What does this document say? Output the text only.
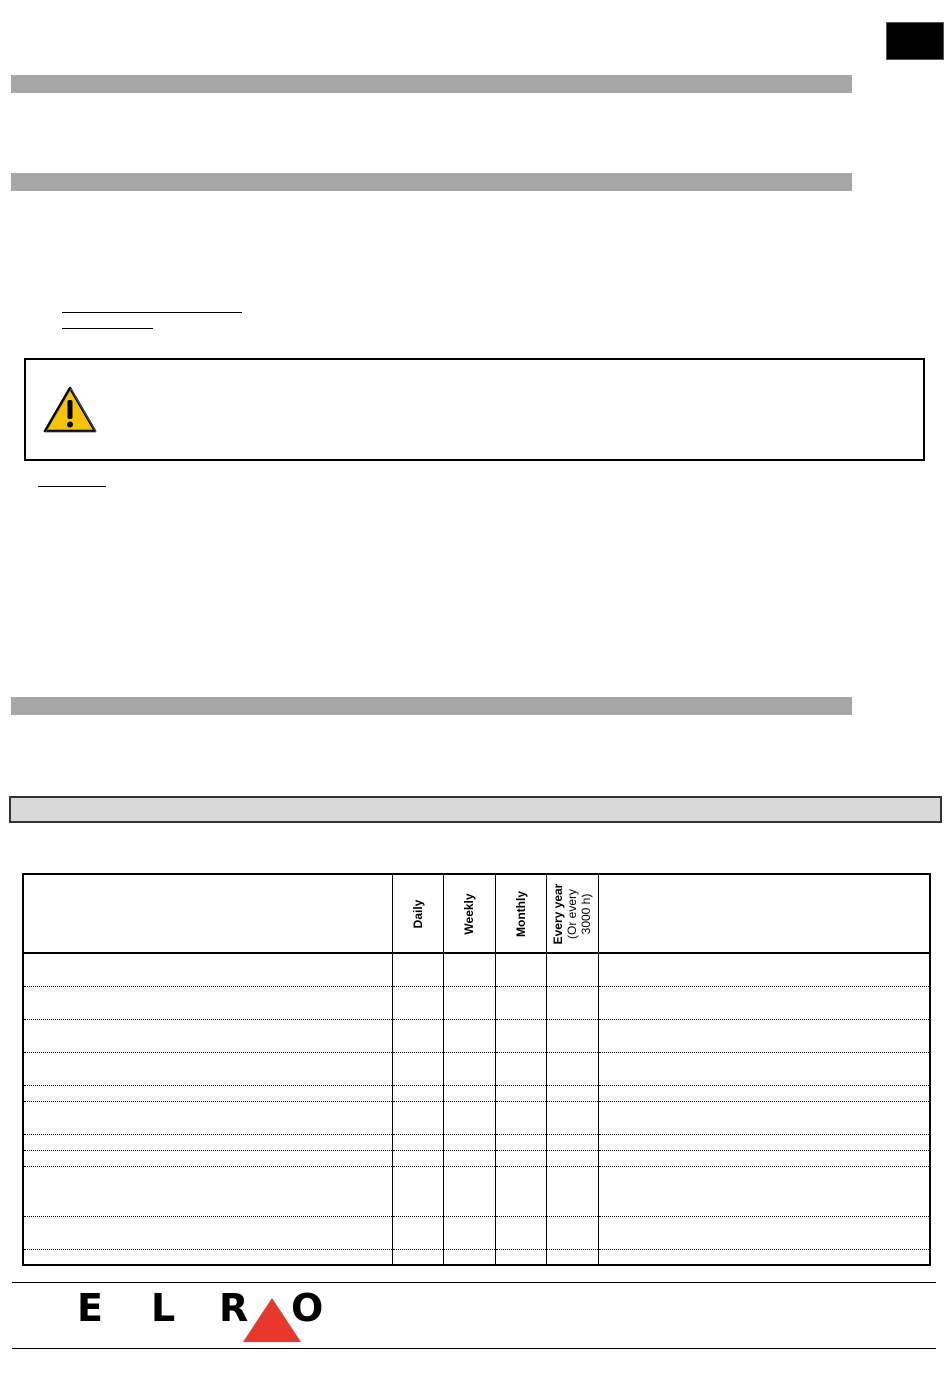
	Daily	Weekly	Monthly	Every year
(Or every
3000 h)	

E L R O
